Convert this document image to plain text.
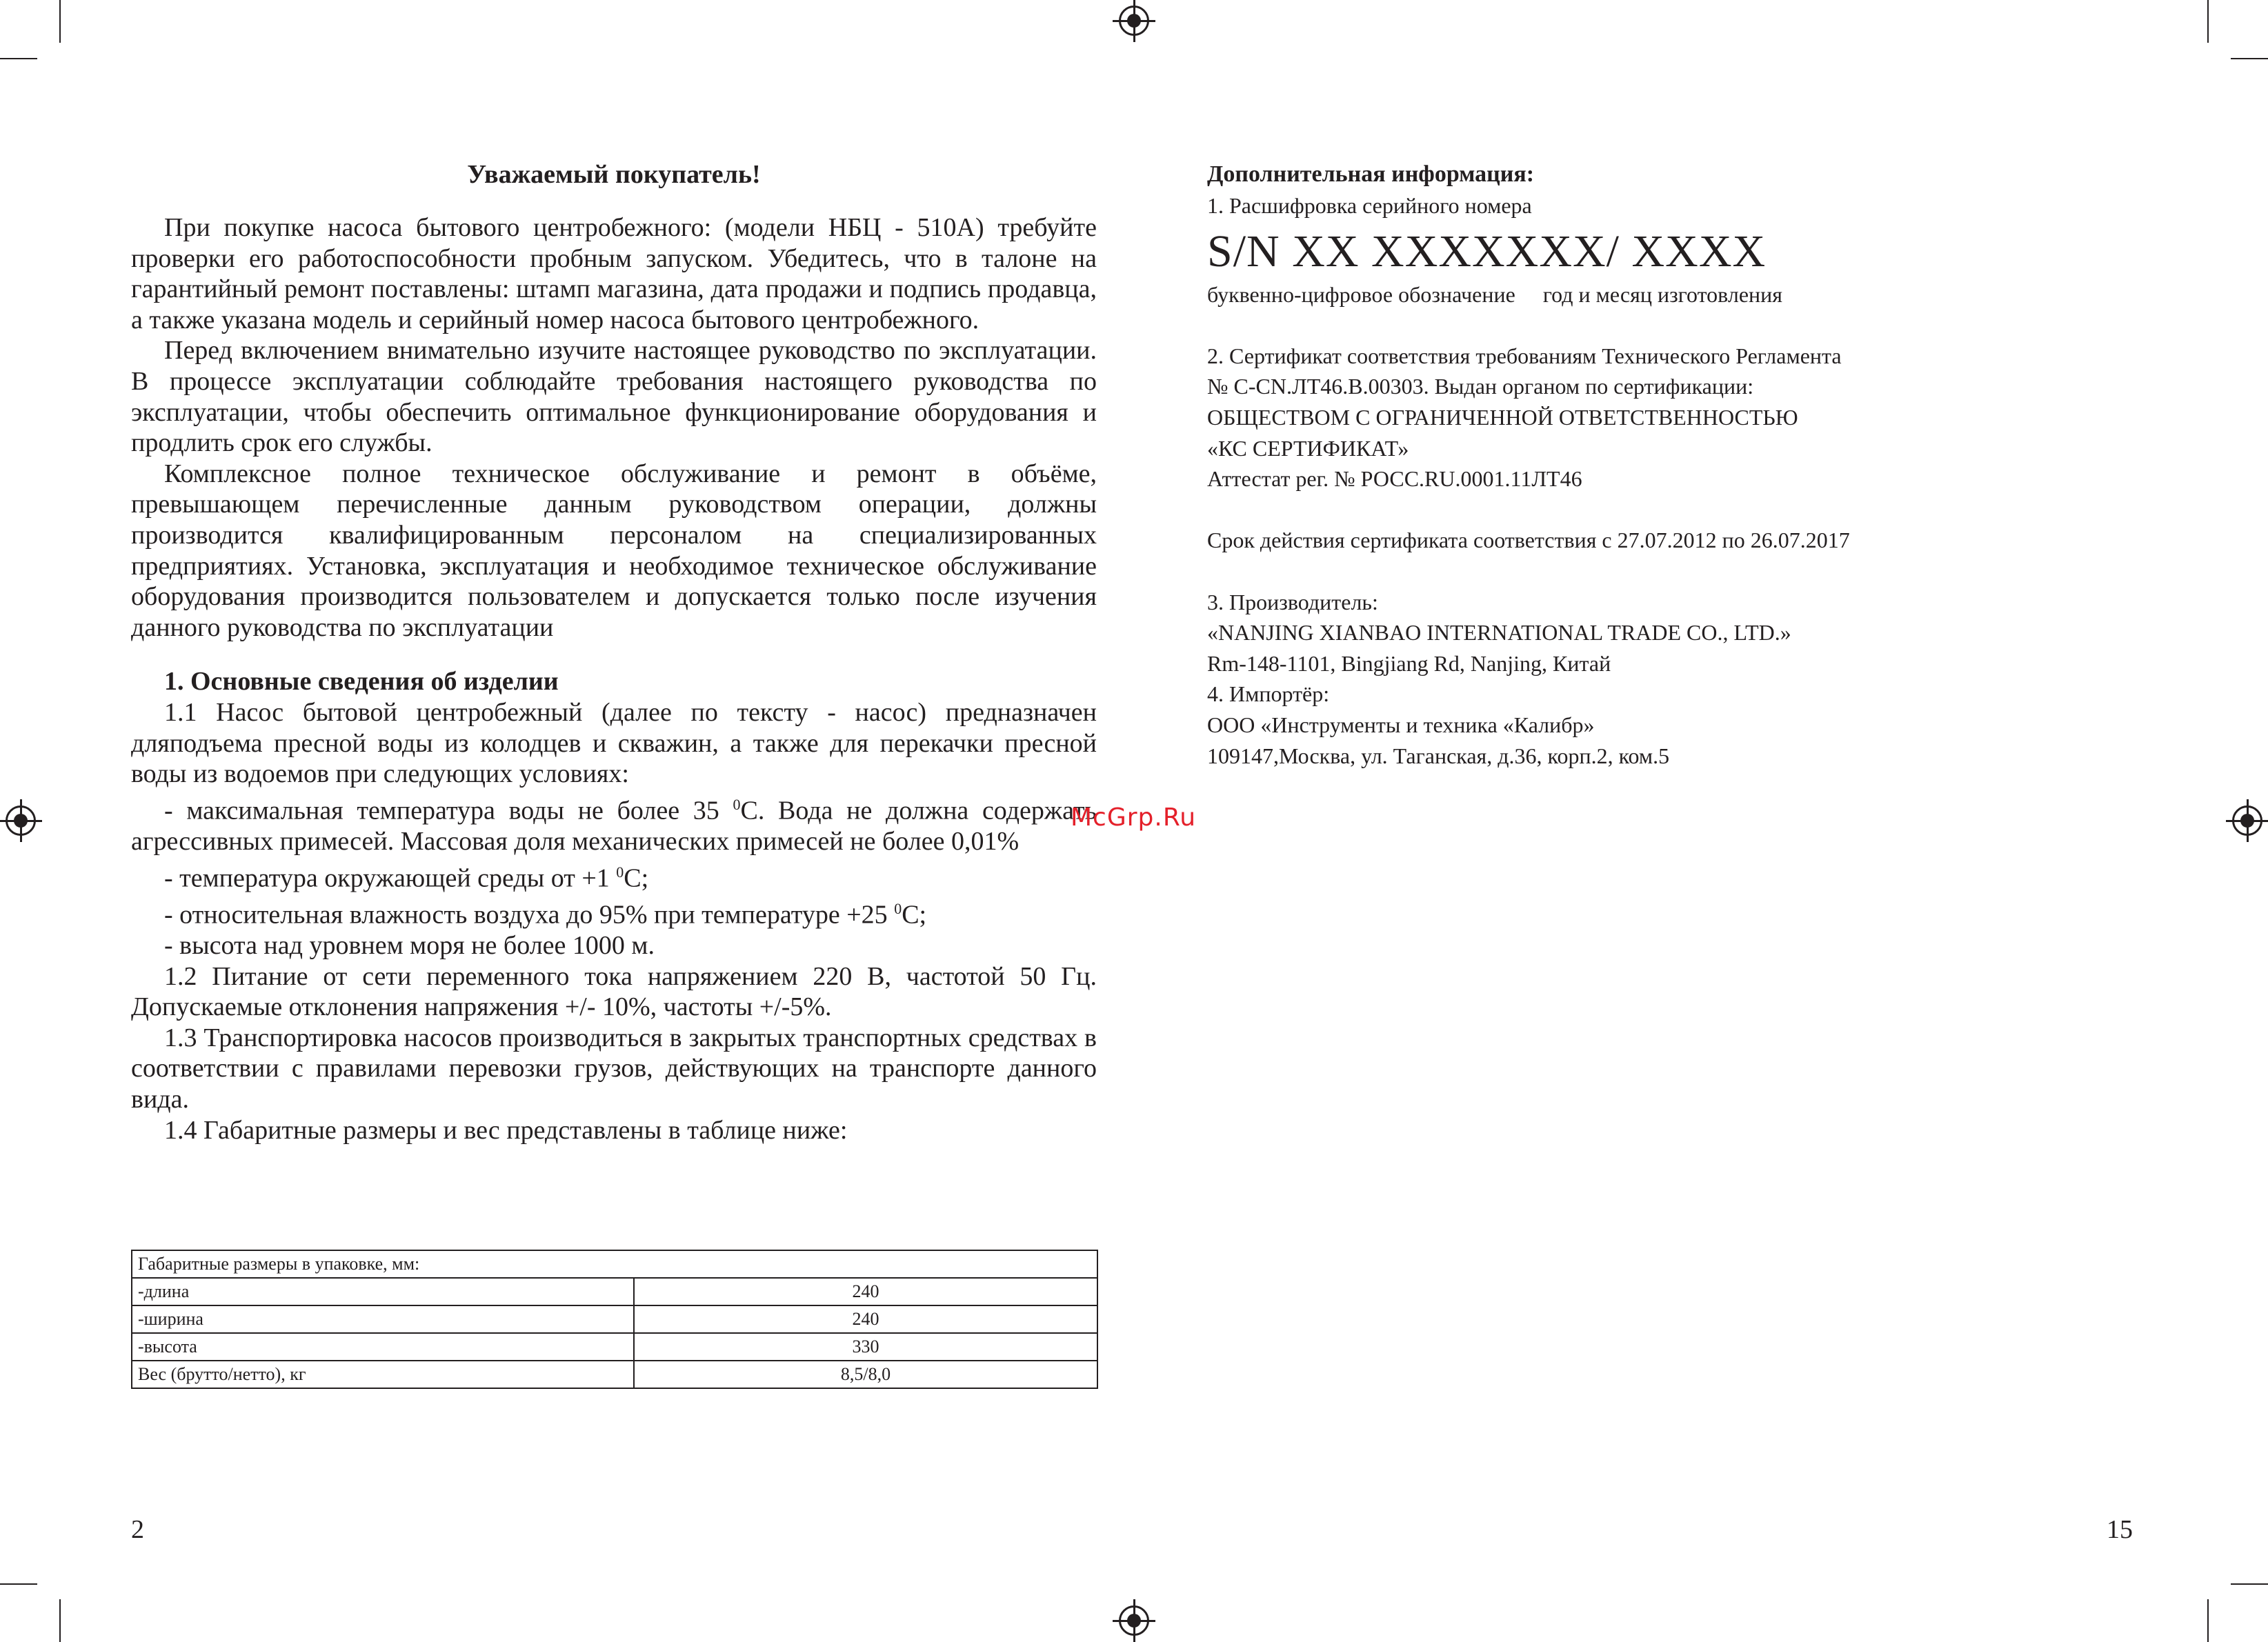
Уважаемый покупатель!

При покупке насоса бытового центробежного: (модели НБЦ - 510А) требуйте проверки его работоспособности пробным запуском. Убедитесь, что в талоне на гарантийный ремонт поставлены: штамп магазина, дата продажи и подпись продавца, а также указана модель и серийный номер насоса бытового центробежного.

Перед включением внимательно изучите настоящее руководство по эксплуатации. В процессе эксплуатации соблюдайте требования настоящего руководства по эксплуатации, чтобы обеспечить оптимальное функционирование оборудования и продлить срок его службы.

Комплексное полное техническое обслуживание и ремонт в объёме, превышающем перечисленные данным руководством операции, должны производится квалифицированным персоналом на специализированных предприятиях. Установка, эксплуатация и необходимое техническое обслуживание оборудования производится пользователем и допускается только после изучения данного руководства по эксплуатации

1. Основные сведения об изделии

1.1 Насос бытовой центробежный (далее по тексту - насос) предназначен дляподъема пресной воды из колодцев и скважин, а также для перекачки пресной воды из водоемов при следующих условиях:

- максимальная температура воды не более 35 $^0$С. Вода не должна содержать агрессивных примесей. Массовая доля механических примесей не более 0,01%

- температура окружающей среды от +1 $^0$С;

- относительная влажность воздуха до 95% при температуре +25 $^0$С;

- высота над уровнем моря не более 1000 м.

1.2 Питание от сети переменного тока напряжением 220 В, частотой 50 Гц. Допускаемые отклонения напряжения +/- 10%, частоты +/-5%.

1.3 Транспортировка насосов производиться в закрытых транспортных средствах в соответствии с правилами перевозки грузов, действующих на транспорте данного вида.

1.4 Габаритные размеры и вес представлены в таблице ниже:

Габаритные размеры в упаковке, мм:	
-длина	240
-ширина	240
-высота	330
Вес (брутто/нетто), кг	8,5/8,0
2

Дополнительная информация:

1. Расшифровка серийного номера

S/N XX XXXXXXX/ XXXX

буквенно-цифровое обозначение год и месяц изготовления

2. Сертификат соответствия требованиям Технического Регламента

№ C-CN.ЛТ46.В.00303. Выдан органом по сертификации:

ОБЩЕСТВОМ С ОГРАНИЧЕННОЙ ОТВЕТСТВЕННОСТЬЮ

«КС СЕРТИФИКАТ»

Аттестат рег. № РОСС.RU.0001.11ЛТ46

Срок действия сертификата соответствия с 27.07.2012 по 26.07.2017

3. Производитель:

«NANJING XIANBAO INTERNATIONAL TRADE CO., LTD.»

Rm-148-1101, Bingjiang Rd, Nanjing, Китай

4. Импортёр:

ООО «Инструменты и техника «Калибр»

109147,Москва, ул. Таганская, д.36, корп.2, ком.5

15
McGrp.Ru
